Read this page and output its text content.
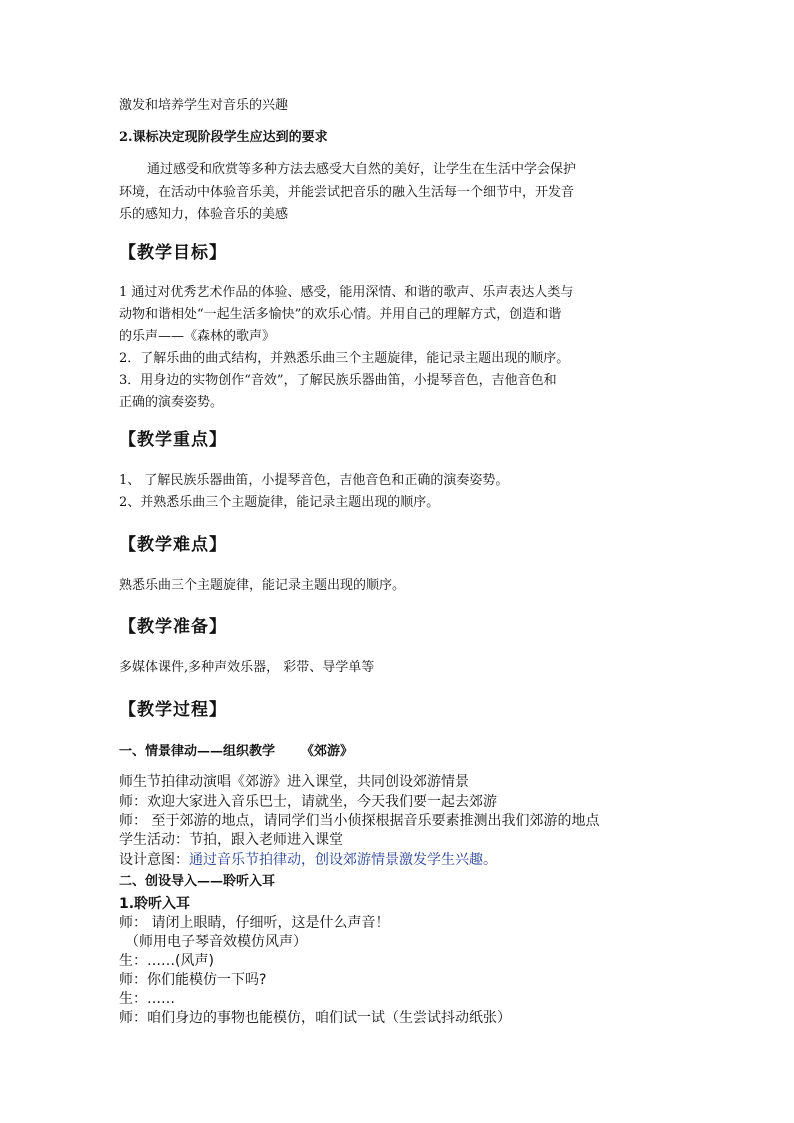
激发和培养学生对音乐的兴趣
2.课标决定现阶段学生应达到的要求
通过感受和欣赏等多种方法去感受大自然的美好，让学生在生活中学会保护
环境，在活动中体验音乐美，并能尝试把音乐的融入生活每一个细节中，开发音
乐的感知力，体验音乐的美感
【教学目标】
1 通过对优秀艺术作品的体验、感受，能用深情、和谐的歌声、乐声表达人类与
动物和谐相处“一起生活多愉快”的欢乐心情。并用自己的理解方式，创造和谐
的乐声——《森林的歌声》
2．了解乐曲的曲式结构，并熟悉乐曲三个主题旋律，能记录主题出现的顺序。
3．用身边的实物创作“音效”，了解民族乐器曲笛，小提琴音色，吉他音色和
正确的演奏姿势。
【教学重点】
1、 了解民族乐器曲笛，小提琴音色，吉他音色和正确的演奏姿势。
2、并熟悉乐曲三个主题旋律，能记录主题出现的顺序。
【教学难点】
熟悉乐曲三个主题旋律，能记录主题出现的顺序。
【教学准备】
多媒体课件,多种声效乐器， 彩带、导学单等
【教学过程】
一、情景律动——组织教学 《郊游》
师生节拍律动演唱《郊游》进入课堂，共同创设郊游情景
师：欢迎大家进入音乐巴士，请就坐，今天我们要一起去郊游
师： 至于郊游的地点，请同学们当小侦探根据音乐要素推测出我们郊游的地点
学生活动：节拍，跟入老师进入课堂
设计意图：通过音乐节拍律动，创设郊游情景激发学生兴趣。
二、创设导入——聆听入耳
1.聆听入耳
师： 请闭上眼睛，仔细听，这是什么声音！
（师用电子琴音效模仿风声）
生：……(风声)
师：你们能模仿一下吗?
生：……
师：咱们身边的事物也能模仿，咱们试一试（生尝试抖动纸张）
